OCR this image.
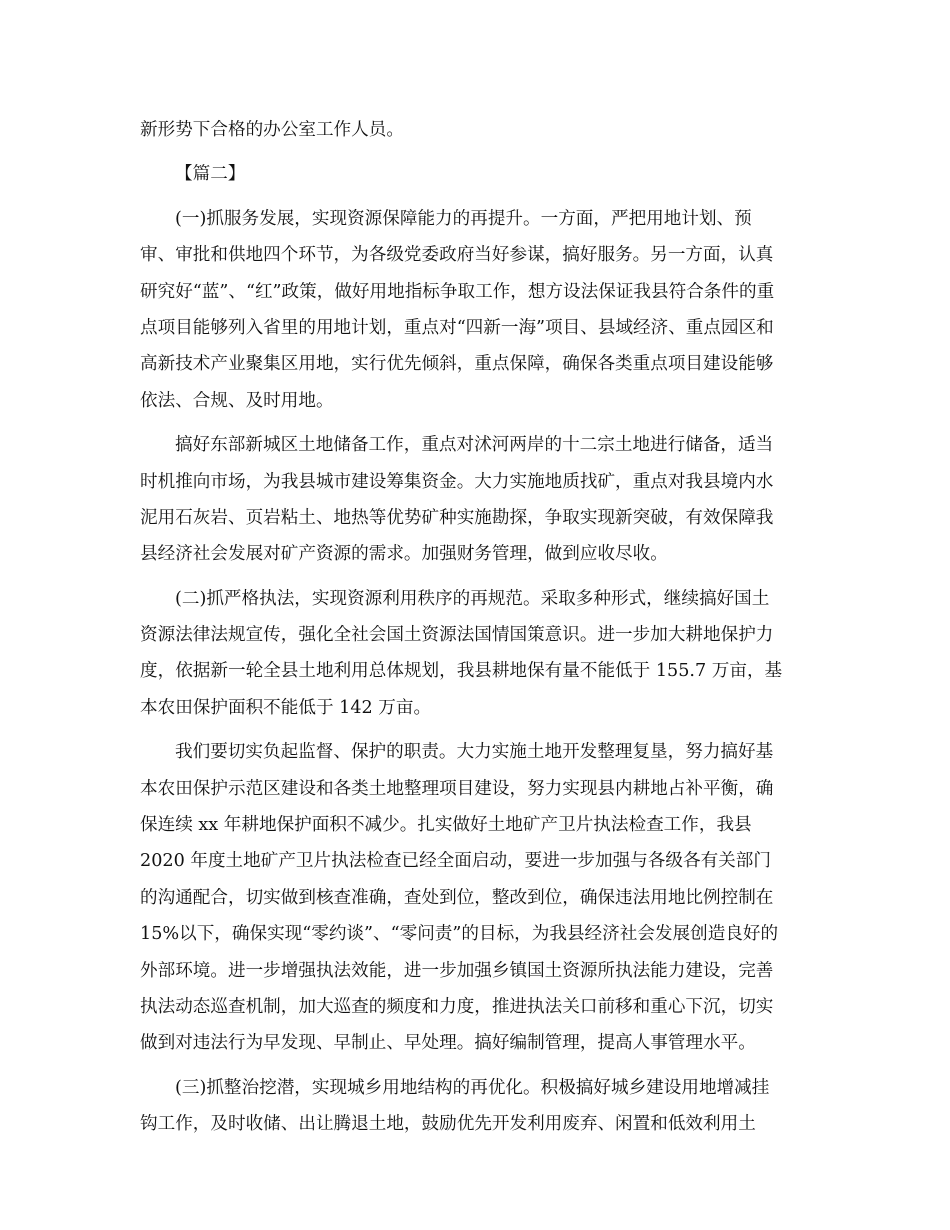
新形势下合格的办公室工作人员。
【篇二】
(一)抓服务发展，实现资源保障能力的再提升。一方面，严把用地计划、预
审、审批和供地四个环节，为各级党委政府当好参谋，搞好服务。另一方面，认真
研究好“蓝”、“红”政策，做好用地指标争取工作，想方设法保证我县符合条件的重
点项目能够列入省里的用地计划，重点对“四新一海”项目、县域经济、重点园区和
高新技术产业聚集区用地，实行优先倾斜，重点保障，确保各类重点项目建设能够
依法、合规、及时用地。
搞好东部新城区土地储备工作，重点对沭河两岸的十二宗土地进行储备，适当
时机推向市场，为我县城市建设筹集资金。大力实施地质找矿，重点对我县境内水
泥用石灰岩、页岩粘土、地热等优势矿种实施勘探，争取实现新突破，有效保障我
县经济社会发展对矿产资源的需求。加强财务管理，做到应收尽收。
(二)抓严格执法，实现资源利用秩序的再规范。采取多种形式，继续搞好国土
资源法律法规宣传，强化全社会国土资源法国情国策意识。进一步加大耕地保护力
度，依据新一轮全县土地利用总体规划，我县耕地保有量不能低于 155.7 万亩，基
本农田保护面积不能低于 142 万亩。
我们要切实负起监督、保护的职责。大力实施土地开发整理复垦，努力搞好基
本农田保护示范区建设和各类土地整理项目建设，努力实现县内耕地占补平衡，确
保连续 xx 年耕地保护面积不减少。扎实做好土地矿产卫片执法检查工作，我县
2020 年度土地矿产卫片执法检查已经全面启动，要进一步加强与各级各有关部门
的沟通配合，切实做到核查准确，查处到位，整改到位，确保违法用地比例控制在
15%以下，确保实现“零约谈”、“零问责”的目标，为我县经济社会发展创造良好的
外部环境。进一步增强执法效能，进一步加强乡镇国土资源所执法能力建设，完善
执法动态巡查机制，加大巡查的频度和力度，推进执法关口前移和重心下沉，切实
做到对违法行为早发现、早制止、早处理。搞好编制管理，提高人事管理水平。
(三)抓整治挖潜，实现城乡用地结构的再优化。积极搞好城乡建设用地增减挂
钩工作，及时收储、出让腾退土地，鼓励优先开发利用废弃、闲置和低效利用土
